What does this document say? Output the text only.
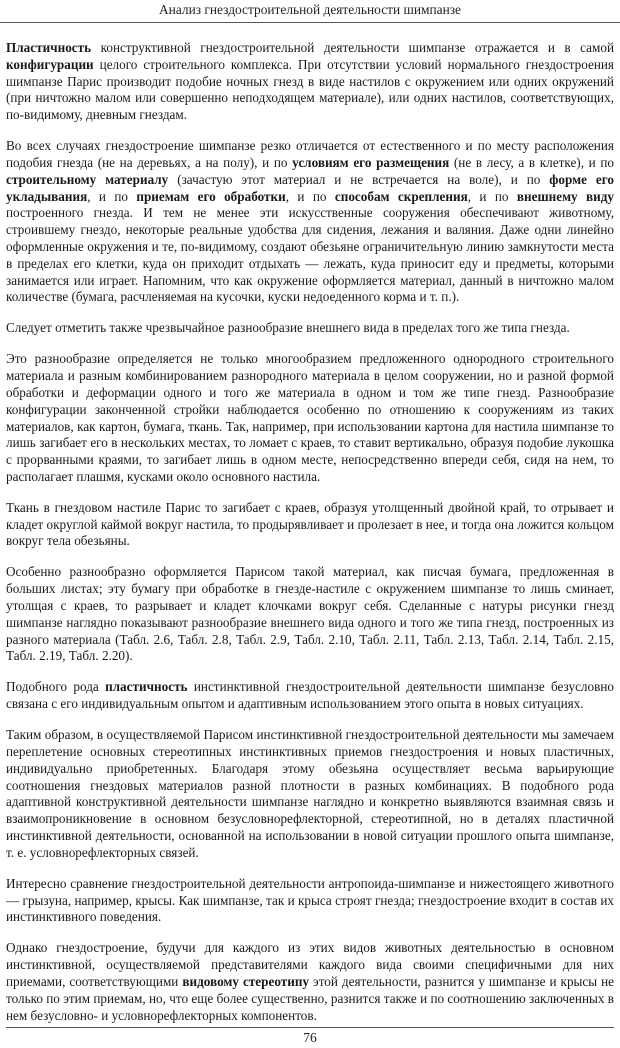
Анализ гнездостроительной деятельности шимпанзе

Пластичность конструктивной гнездостроительной деятельности шимпанзе отражается и в самой конфигурации целого строительного комплекса. При отсутствии условий нормального гнездостроения шимпанзе Парис производит подобие ночных гнезд в виде настилов с окружением или одних окружений (при ничтожно малом или совершенно неподходящем материале), или одних настилов, соответствующих, по-видимому, дневным гнездам.

Во всех случаях гнездостроение шимпанзе резко отличается от естественного и по месту расположения подобия гнезда (не на деревьях, а на полу), и по условиям его размещения (не в лесу, а в клетке), и по строительному материалу (зачастую этот материал и не встречается на воле), и по форме его укладывания, и по приемам его обработки, и по способам скрепления, и по внешнему виду построенного гнезда. И тем не менее эти искусственные сооружения обеспечивают животному, строившему гнездо, некоторые реальные удобства для сидения, лежания и валяния. Даже одни линейно оформленные окружения и те, по-видимому, создают обезьяне ограничительную линию замкнутости места в пределах его клетки, куда он приходит отдыхать — лежать, куда приносит еду и предметы, которыми занимается или играет. Напомним, что как окружение оформляется материал, данный в ничтожно малом количестве (бумага, расчленяемая на кусочки, куски недоеденного корма и т. п.).

Следует отметить также чрезвычайное разнообразие внешнего вида в пределах того же типа гнезда.

Это разнообразие определяется не только многообразием предложенного однородного строительного материала и разным комбинированием разнородного материала в целом сооружении, но и разной формой обработки и деформации одного и того же материала в одном и том же типе гнезд. Разнообразие конфигурации законченной стройки наблюдается особенно по отношению к сооружениям из таких материалов, как картон, бумага, ткань. Так, например, при использовании картона для настила шимпанзе то лишь загибает его в нескольких местах, то ломает с краев, то ставит вертикально, образуя подобие лукошка с прорванными краями, то загибает лишь в одном месте, непосредственно впереди себя, сидя на нем, то располагает плашмя, кусками около основного настила.

Ткань в гнездовом настиле Парис то загибает с краев, образуя утолщенный двойной край, то отрывает и кладет округлой каймой вокруг настила, то продырявливает и пролезает в нее, и тогда она ложится кольцом вокруг тела обезьяны.

Особенно разнообразно оформляется Парисом такой материал, как писчая бумага, предложенная в больших листах; эту бумагу при обработке в гнезде-настиле с окружением шимпанзе то лишь сминает, утолщая с краев, то разрывает и кладет клочками вокруг себя. Сделанные с натуры рисунки гнезд шимпанзе наглядно показывают разнообразие внешнего вида одного и того же типа гнезд, построенных из разного материала (Табл. 2.6, Табл. 2.8, Табл. 2.9, Табл. 2.10, Табл. 2.11, Табл. 2.13, Табл. 2.14, Табл. 2.15, Табл. 2.19, Табл. 2.20).

Подобного рода пластичность инстинктивной гнездостроительной деятельности шимпанзе безусловно связана с его индивидуальным опытом и адаптивным использованием этого опыта в новых ситуациях.

Таким образом, в осуществляемой Парисом инстинктивной гнездостроительной деятельности мы замечаем переплетение основных стереотипных инстинктивных приемов гнездостроения и новых пластичных, индивидуально приобретенных. Благодаря этому обезьяна осуществляет весьма варьирующие соотношения гнездовых материалов разной плотности в разных комбинациях. В подобного рода адаптивной конструктивной деятельности шимпанзе наглядно и конкретно выявляются взаимная связь и взаимопроникновение в основном безусловнорефлекторной, стереотипной, но в деталях пластичной инстинктивной деятельности, основанной на использовании в новой ситуации прошлого опыта шимпанзе, т. е. условнорефлекторных связей.

Интересно сравнение гнездостроительной деятельности антропоида-шимпанзе и нижестоящего животного — грызуна, например, крысы. Как шимпанзе, так и крыса строят гнезда; гнездостроение входит в состав их инстинктивного поведения.

Однако гнездостроение, будучи для каждого из этих видов животных деятельностью в основном инстинктивной, осуществляемой представителями каждого вида своими специфичными для них приемами, соответствующими видовому стереотипу этой деятельности, разнится у шимпанзе и крысы не только по этим приемам, но, что еще более существенно, разнится также и по соотношению заключенных в нем безусловно- и условнорефлекторных компонентов.

76
